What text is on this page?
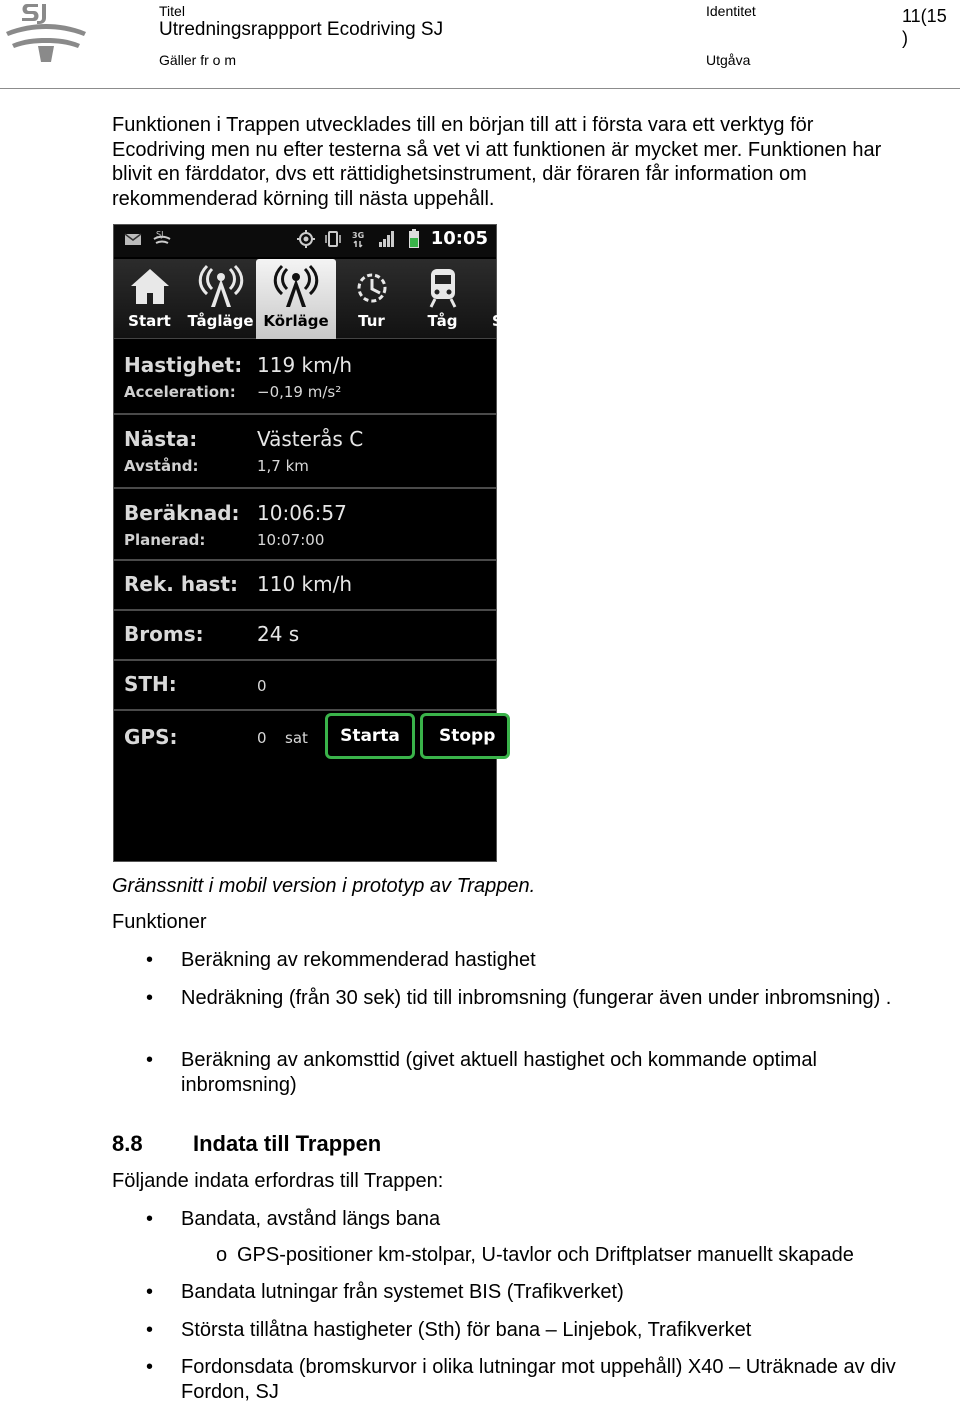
Titel
Utredningsrappport Ecodriving SJ
Gäller fr o m
Identitet
Utgåva
11(15
)

Funktionen i Trappen utvecklades till en början till att i första vara ett verktyg för Ecodriving men nu efter testerna så vet vi att funktionen är mycket mer. Funktionen har blivit en färddator, dvs ett rättidighetsinstrument, där föraren får information om rekommenderad körning till nästa uppehåll.

SJ	3G	10:05
Start	Tågläge Körläge	Tur	Tåg	St
Hastighet: 119 km/h
Acceleration: −0,19 m/s²
Nästa:	Västerås C
Avstånd:	1,7 km
Beräknad: 10:06:57
Planerad:	10:07:00
Rek. hast: 110 km/h
Broms:	24 s
STH:	0
GPS:	0 sat	Starta	Stopp
Gränssnitt i mobil version i prototyp av Trappen.
Funktioner
• Beräkning av rekommenderad hastighet
• Nedräkning (från 30 sek) tid till inbromsning (fungerar även under inbromsning) .
• Beräkning av ankomsttid (givet aktuell hastighet och kommande optimal inbromsning)
8.8 Indata till Trappen
Följande indata erfordras till Trappen:
• Bandata, avstånd längs bana
o GPS-positioner km-stolpar, U-tavlor och Driftplatser manuellt skapade
• Bandata lutningar från systemet BIS (Trafikverket)
• Största tillåtna hastigheter (Sth) för bana – Linjebok, Trafikverket
• Fordonsdata (bromskurvor i olika lutningar mot uppehåll) X40 – Uträknade av div Fordon, SJ
